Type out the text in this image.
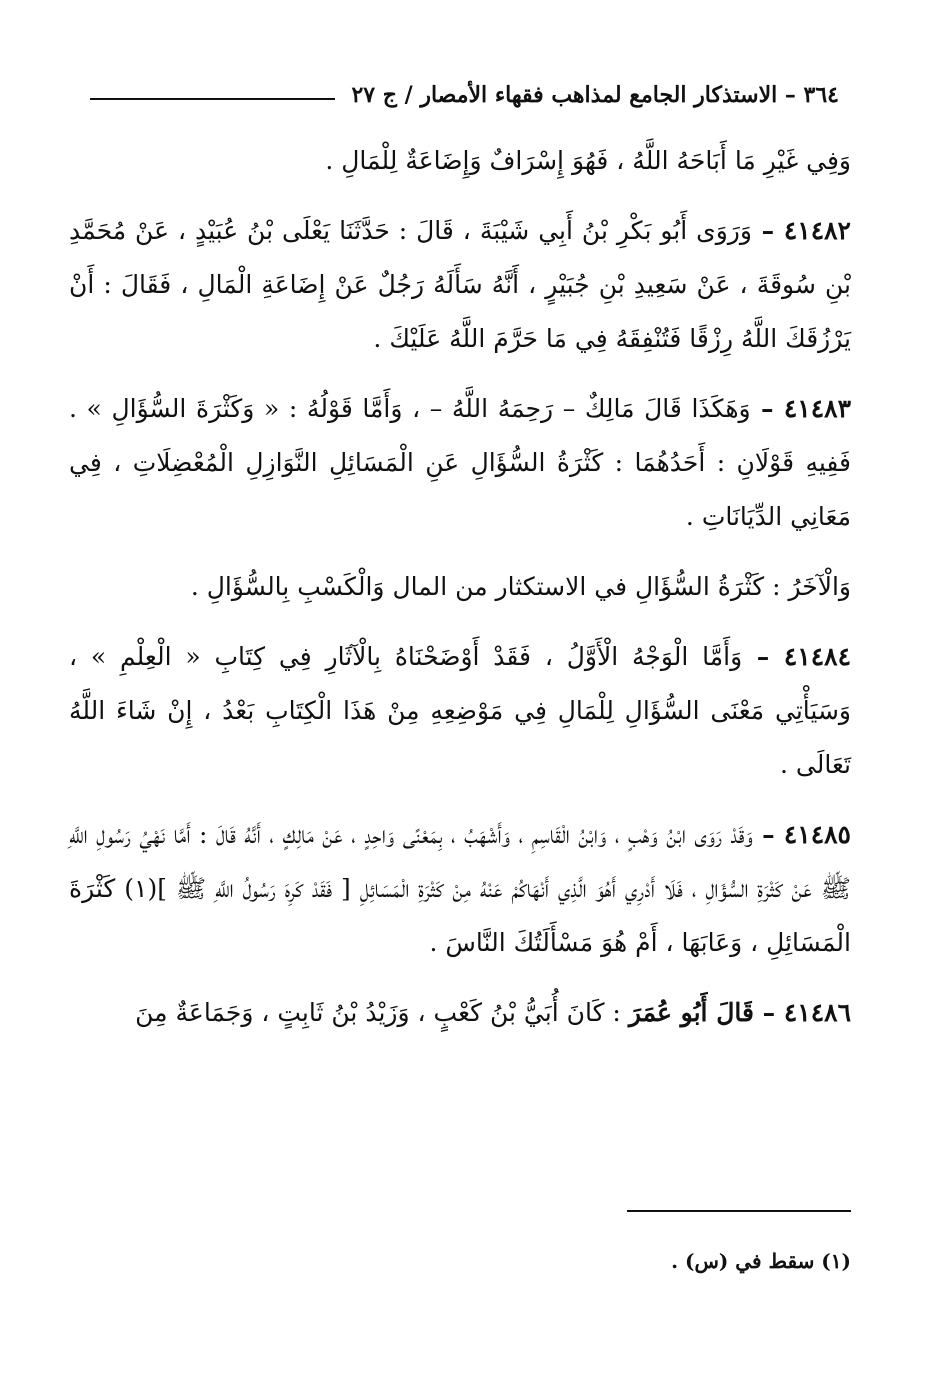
٣٦٤ – الاستذكار الجامع لمذاهب فقهاء الأمصار / ج ٢٧

وَفِي غَيْرِ مَا أَبَاحَهُ اللَّهُ ، فَهُوَ إِسْرَافٌ وَإِضَاعَةٌ لِلْمَالِ .

٤١٤٨٢ – وَرَوَى أَبُو بَكْرِ بْنُ أَبِي شَيْبَةَ ، قَالَ : حَدَّثَنَا يَعْلَى بْنُ عُبَيْدٍ ، عَنْ مُحَمَّدِ بْنِ سُوقَةَ ، عَنْ سَعِيدِ بْنِ جُبَيْرٍ ، أَنَّهُ سَأَلَهُ رَجُلٌ عَنْ إِضَاعَةِ الْمَالِ ، فَقَالَ : أَنْ يَرْزُقَكَ اللَّهُ رِزْقًا فَتُنْفِقَهُ فِي مَا حَرَّمَ اللَّهُ عَلَيْكَ .

٤١٤٨٣ – وَهَكَذَا قَالَ مَالِكٌ – رَحِمَهُ اللَّهُ – ، وَأَمَّا قَوْلُهُ : « وَكَثْرَةَ السُّؤَالِ » . فَفِيهِ قَوْلَانِ : أَحَدُهُمَا : كَثْرَةُ السُّؤَالِ عَنِ الْمَسَائِلِ النَّوَازِلِ الْمُعْضِلَاتِ ، فِي مَعَانِي الدِّيَانَاتِ .

وَالْآخَرُ : كَثْرَةُ السُّؤَالِ في الاستكثار من المال وَالْكَسْبِ بِالسُّؤَالِ .

٤١٤٨٤ – وَأَمَّا الْوَجْهُ الْأَوَّلُ ، فَقَدْ أَوْضَحْنَاهُ بِالْآثَارِ فِي كِتَابِ « الْعِلْمِ » ، وَسَيَأْتِي مَعْنَى السُّؤَالِ لِلْمَالِ فِي مَوْضِعِهِ مِنْ هَذَا الْكِتَابِ بَعْدُ ، إِنْ شَاءَ اللَّهُ تَعَالَى .

٤١٤٨٥ – وَقَدْ رَوَى ابْنُ وَهْبٍ ، وَابْنُ الْقَاسِمِ ، وَأَشْهَبُ ، بِمَعْنًى وَاحِدٍ ، عَنْ مَالِكٍ ، أَنَّهُ قَالَ : أَمَّا نَهْيُ رَسُولِ اللَّهِ ﷺ عَنْ كَثْرَةِ السُّؤَالِ ، فَلَا أَدْرِي أَهُوَ الَّذِي أَنْهَاكُمْ عَنْهُ مِنْ كَثْرَةِ الْمَسَائِلِ [ فَقَدْ كَرِهَ رَسُولُ اللَّهِ ﷺ ](١) كَثْرَةَ الْمَسَائِلِ ، وَعَابَهَا ، أَمْ هُوَ مَسْأَلَتُكَ النَّاسَ .

٤١٤٨٦ – قَالَ أَبُو عُمَرَ : كَانَ أُبَيُّ بْنُ كَعْبٍ ، وَزَيْدُ بْنُ ثَابِتٍ ، وَجَمَاعَةٌ مِنَ

(١) سقط في (س) .
